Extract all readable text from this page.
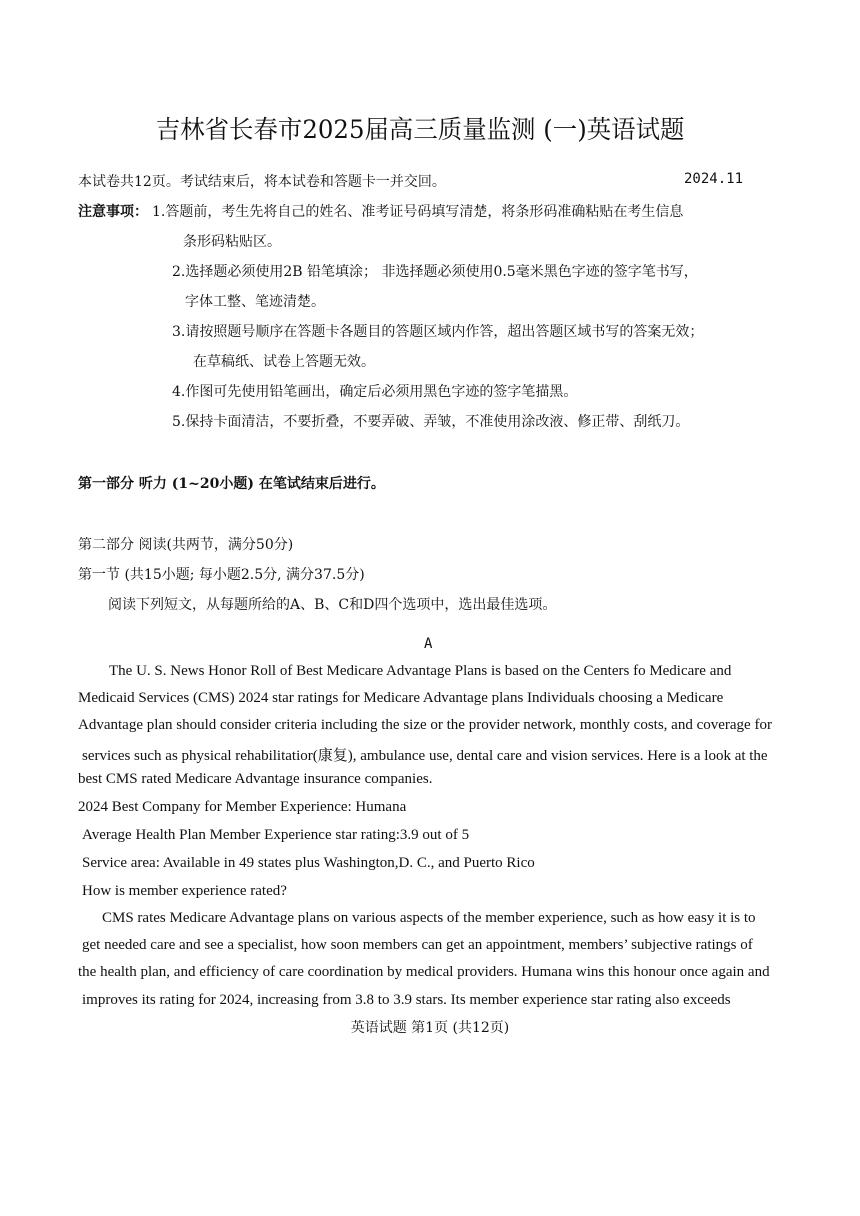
吉林省长春市2025届高三质量监测 (一)英语试题
本试卷共12页。考试结束后，将本试卷和答题卡一并交回。	2024.11
注意事项： 1.答题前，考生先将自己的姓名、准考证号码填写清楚，将条形码准确粘贴在考生信息
条形码粘贴区。
2.选择题必须使用2B 铅笔填涂； 非选择题必须使用0.5毫米黑色字迹的签字笔书写，
字体工整、笔迹清楚。
3.请按照题号顺序在答题卡各题目的答题区域内作答，超出答题区域书写的答案无效；
在草稿纸、试卷上答题无效。
4.作图可先使用铅笔画出，确定后必须用黑色字迹的签字笔描黑。
5.保持卡面清洁，不要折叠，不要弄破、弄皱，不准使用涂改液、修正带、刮纸刀。
第一部分 听力 (1~20小题) 在笔试结束后进行。
第二部分 阅读(共两节，满分50分)
第一节 (共15小题; 每小题2.5分, 满分37.5分)
阅读下列短文，从每题所给的A、B、C和D四个选项中，选出最佳选项。
A
The U. S. News Honor Roll of Best Medicare Advantage Plans is based on the Centers fo Medicare and
Medicaid Services (CMS) 2024 star ratings for Medicare Advantage plans Individuals choosing a Medicare
Advantage plan should consider criteria including the size or the provider network, monthly costs, and coverage for
services such as physical rehabilitatior(康复), ambulance use, dental care and vision services. Here is a look at the
best CMS rated Medicare Advantage insurance companies.
2024 Best Company for Member Experience: Humana
Average Health Plan Member Experience star rating:3.9 out of 5
Service area: Available in 49 states plus Washington,D. C., and Puerto Rico
How is member experience rated?
CMS rates Medicare Advantage plans on various aspects of the member experience, such as how easy it is to
get needed care and see a specialist, how soon members can get an appointment, members’ subjective ratings of
the health plan, and efficiency of care coordination by medical providers. Humana wins this honour once again and
improves its rating for 2024, increasing from 3.8 to 3.9 stars. Its member experience star rating also exceeds
英语试题 第1页 (共12页)
